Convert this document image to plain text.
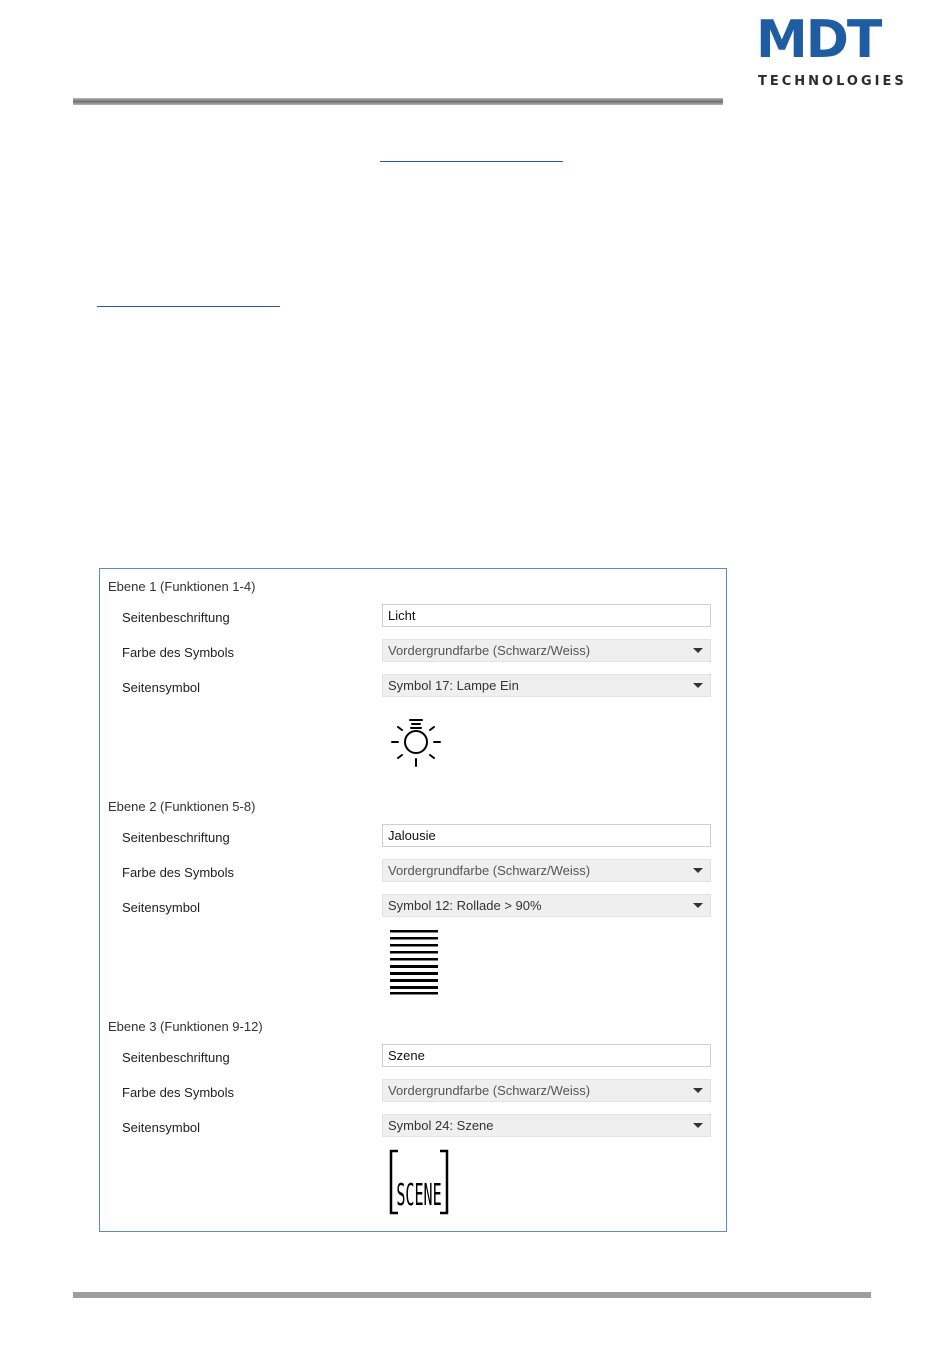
MDT
TECHNOLOGIES
Ebene 1 (Funktionen 1-4)
Seitenbeschriftung	Licht
Farbe des Symbols	Vordergrundfarbe (Schwarz/Weiss)
Seitensymbol	Symbol 17: Lampe Ein
Ebene 2 (Funktionen 5-8)
Seitenbeschriftung	Jalousie
Farbe des Symbols	Vordergrundfarbe (Schwarz/Weiss)
Seitensymbol	Symbol 12: Rollade > 90%
Ebene 3 (Funktionen 9-12)
Seitenbeschriftung	Szene
Farbe des Symbols	Vordergrundfarbe (Schwarz/Weiss)
Seitensymbol	Symbol 24: Szene
SCENE
